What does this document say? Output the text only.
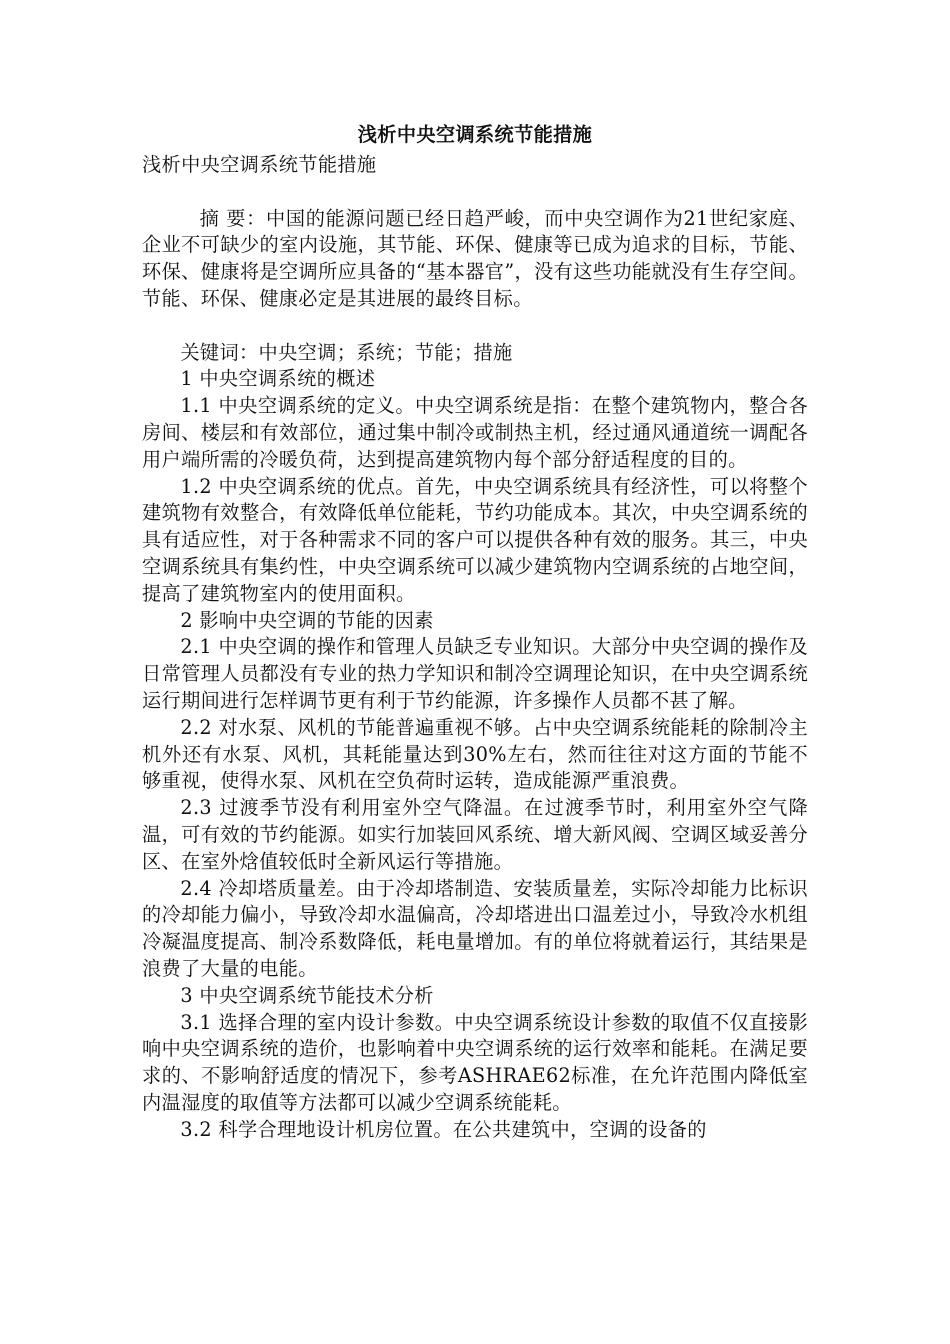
浅析中央空调系统节能措施

浅析中央空调系统节能措施

摘 要：中国的能源问题已经日趋严峻，而中央空调作为21世纪家庭、企业不可缺少的室内设施，其节能、环保、健康等已成为追求的目标，节能、环保、健康将是空调所应具备的“基本器官”，没有这些功能就没有生存空间。节能、环保、健康必定是其进展的最终目标。

关键词：中央空调；系统；节能；措施

1 中央空调系统的概述

1.1 中央空调系统的定义。中央空调系统是指：在整个建筑物内，整合各房间、楼层和有效部位，通过集中制冷或制热主机，经过通风通道统一调配各用户端所需的冷暖负荷，达到提高建筑物内每个部分舒适程度的目的。

1.2 中央空调系统的优点。首先，中央空调系统具有经济性，可以将整个建筑物有效整合，有效降低单位能耗，节约功能成本。其次，中央空调系统的具有适应性，对于各种需求不同的客户可以提供各种有效的服务。其三，中央空调系统具有集约性，中央空调系统可以减少建筑物内空调系统的占地空间，提高了建筑物室内的使用面积。

2 影响中央空调的节能的因素

2.1 中央空调的操作和管理人员缺乏专业知识。大部分中央空调的操作及日常管理人员都没有专业的热力学知识和制冷空调理论知识，在中央空调系统运行期间进行怎样调节更有利于节约能源，许多操作人员都不甚了解。

2.2 对水泵、风机的节能普遍重视不够。占中央空调系统能耗的除制冷主机外还有水泵、风机，其耗能量达到30%左右，然而往往对这方面的节能不够重视，使得水泵、风机在空负荷时运转，造成能源严重浪费。

2.3 过渡季节没有利用室外空气降温。在过渡季节时，利用室外空气降温，可有效的节约能源。如实行加装回风系统、增大新风阀、空调区域妥善分区、在室外焓值较低时全新风运行等措施。

2.4 冷却塔质量差。由于冷却塔制造、安装质量差，实际冷却能力比标识的冷却能力偏小，导致冷却水温偏高，冷却塔进出口温差过小，导致冷水机组冷凝温度提高、制冷系数降低，耗电量增加。有的单位将就着运行，其结果是浪费了大量的电能。

3 中央空调系统节能技术分析

3.1 选择合理的室内设计参数。中央空调系统设计参数的取值不仅直接影响中央空调系统的造价，也影响着中央空调系统的运行效率和能耗。在满足要求的、不影响舒适度的情况下，参考ASHRAE62标准，在允许范围内降低室内温湿度的取值等方法都可以减少空调系统能耗。

3.2 科学合理地设计机房位置。在公共建筑中，空调的设备的
